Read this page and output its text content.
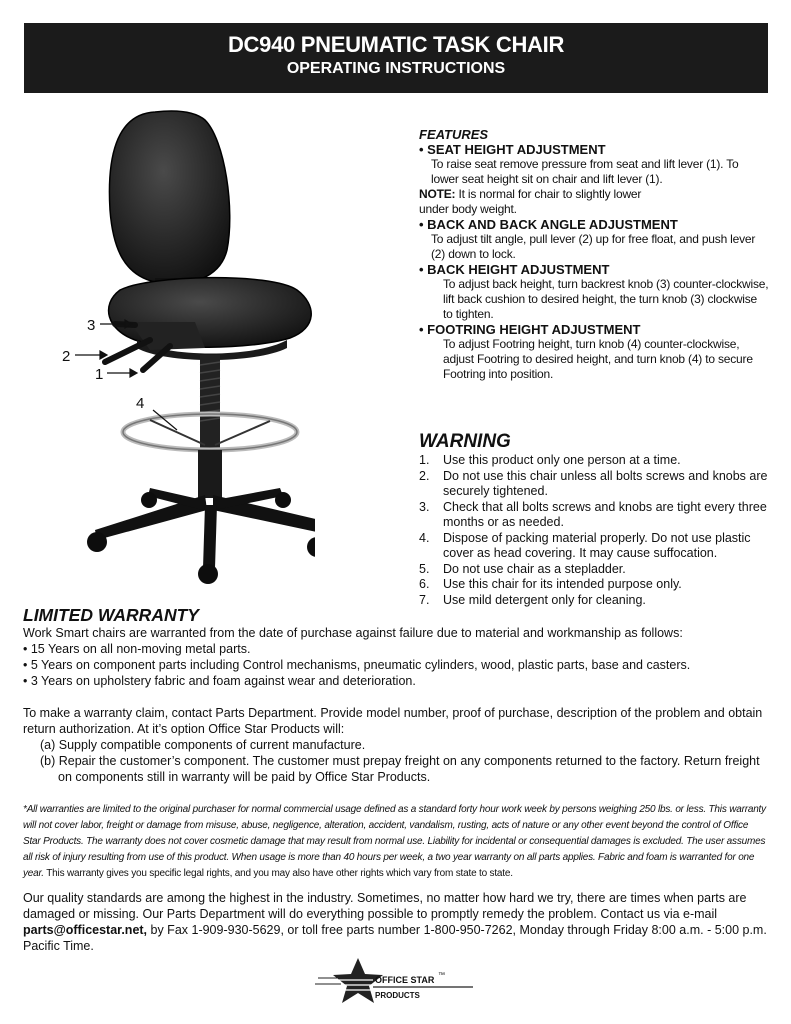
DC940 PNEUMATIC TASK CHAIR
OPERATING INSTRUCTIONS
3
2
1
4
FEATURES
• SEAT HEIGHT ADJUSTMENT
To raise seat remove pressure from seat and lift lever (1). To lower seat height sit on chair and lift lever (1).
NOTE: It is normal for chair to slightly lower
under body weight.
• BACK AND BACK ANGLE ADJUSTMENT
To adjust tilt angle, pull lever (2) up for free float, and push lever (2) down to lock.
• BACK HEIGHT ADJUSTMENT
To adjust back height, turn backrest knob (3) counter-clockwise, lift back cushion to desired height, the turn knob (3) clockwise to tighten.
• FOOTRING HEIGHT ADJUSTMENT
To adjust Footring height, turn knob (4) counter-clockwise, adjust Footring to desired height, and turn knob (4) to secure Footring into position.
WARNING
1. Use this product only one person at a time.
2. Do not use this chair unless all bolts screws and knobs are securely tightened.
3. Check that all bolts screws and knobs are tight every three months or as needed.
4. Dispose of packing material properly. Do not use plastic cover as head covering. It may cause suffocation.
5. Do not use chair as a stepladder.
6. Use this chair for its intended purpose only.
7. Use mild detergent only for cleaning.
LIMITED WARRANTY
Work Smart chairs are warranted from the date of purchase against failure due to material and workmanship as follows:
• 15 Years on all non-moving metal parts.
• 5 Years on component parts including Control mechanisms, pneumatic cylinders, wood, plastic parts, base and casters.
• 3 Years on upholstery fabric and foam against wear and deterioration.
To make a warranty claim, contact Parts Department. Provide model number, proof of purchase, description of the problem and obtain return authorization. At it’s option Office Star Products will:
(a) Supply compatible components of current manufacture.
(b) Repair the customer’s component. The customer must prepay freight on any components returned to the factory. Return freight on components still in warranty will be paid by Office Star Products.
*All warranties are limited to the original purchaser for normal commercial usage defined as a standard forty hour work week by persons weighing 250 lbs. or less. This warranty will not cover labor, freight or damage from misuse, abuse, negligence, alteration, accident, vandalism, rusting, acts of nature or any other event beyond the control of Office Star Products. The warranty does not cover cosmetic damage that may result from normal use. Liability for incidental or consequential damages is excluded. The user assumes all risk of injury resulting from use of this product. When usage is more than 40 hours per week, a two year warranty on all parts applies. Fabric and foam is warranted for one year. This warranty gives you specific legal rights, and you may also have other rights which vary from state to state.
Our quality standards are among the highest in the industry. Sometimes, no matter how hard we try, there are times when parts are damaged or missing. Our Parts Department will do everything possible to promptly remedy the problem. Contact us via e-mail parts@officestar.net, by Fax 1-909-930-5629, or toll free parts number 1-800-950-7262, Monday through Friday 8:00 a.m. - 5:00 p.m. Pacific Time.
OFFICE STAR ™
PRODUCTS
